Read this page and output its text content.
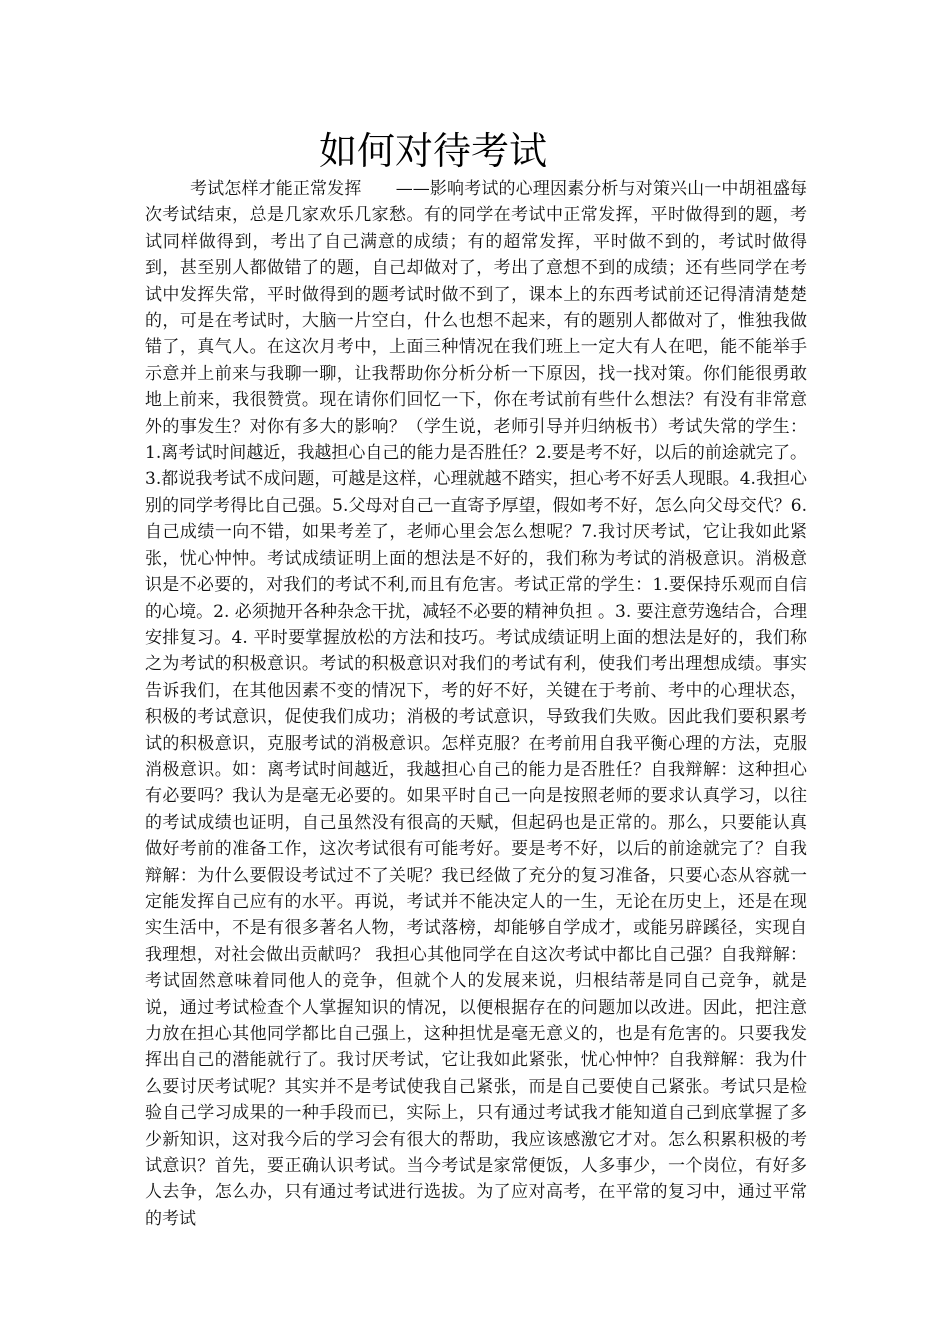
如何对待考试

考试怎样才能正常发挥　　——影响考试的心理因素分析与对策兴山一中胡祖盛每次考试结束，总是几家欢乐几家愁。有的同学在考试中正常发挥，平时做得到的题，考试同样做得到，考出了自己满意的成绩；有的超常发挥，平时做不到的，考试时做得到，甚至别人都做错了的题，自己却做对了，考出了意想不到的成绩；还有些同学在考试中发挥失常，平时做得到的题考试时做不到了，课本上的东西考试前还记得清清楚楚的，可是在考试时，大脑一片空白，什么也想不起来，有的题别人都做对了，惟独我做错了，真气人。在这次月考中，上面三种情况在我们班上一定大有人在吧，能不能举手示意并上前来与我聊一聊，让我帮助你分析分析一下原因，找一找对策。你们能很勇敢地上前来，我很赞赏。现在请你们回忆一下，你在考试前有些什么想法？有没有非常意外的事发生？对你有多大的影响？（学生说，老师引导并归纳板书）考试失常的学生：1.离考试时间越近，我越担心自己的能力是否胜任？2.要是考不好，以后的前途就完了。3.都说我考试不成问题，可越是这样，心理就越不踏实，担心考不好丢人现眼。4.我担心别的同学考得比自己强。5.父母对自己一直寄予厚望，假如考不好，怎么向父母交代？6.自己成绩一向不错，如果考差了，老师心里会怎么想呢？7.我讨厌考试，它让我如此紧张，忧心忡忡。考试成绩证明上面的想法是不好的，我们称为考试的消极意识。消极意识是不必要的，对我们的考试不利,而且有危害。考试正常的学生：1.要保持乐观而自信的心境。2. 必须抛开各种杂念干扰，减轻不必要的精神负担 。3. 要注意劳逸结合，合理安排复习。4. 平时要掌握放松的方法和技巧。考试成绩证明上面的想法是好的，我们称之为考试的积极意识。考试的积极意识对我们的考试有利，使我们考出理想成绩。事实告诉我们，在其他因素不变的情况下，考的好不好，关键在于考前、考中的心理状态，积极的考试意识，促使我们成功；消极的考试意识，导致我们失败。因此我们要积累考试的积极意识，克服考试的消极意识。怎样克服？在考前用自我平衡心理的方法，克服消极意识。如：离考试时间越近，我越担心自己的能力是否胜任？自我辩解：这种担心有必要吗？我认为是毫无必要的。如果平时自己一向是按照老师的要求认真学习，以往的考试成绩也证明，自己虽然没有很高的天赋，但起码也是正常的。那么，只要能认真做好考前的准备工作，这次考试很有可能考好。要是考不好，以后的前途就完了？自我辩解：为什么要假设考试过不了关呢？我已经做了充分的复习准备，只要心态从容就一定能发挥自己应有的水平。再说，考试并不能决定人的一生，无论在历史上，还是在现实生活中，不是有很多著名人物，考试落榜，却能够自学成才，或能另辟蹊径，实现自我理想，对社会做出贡献吗？ 我担心其他同学在自这次考试中都比自己强？自我辩解：考试固然意味着同他人的竞争，但就个人的发展来说，归根结蒂是同自己竞争，就是说，通过考试检查个人掌握知识的情况，以便根据存在的问题加以改进。因此，把注意力放在担心其他同学都比自己强上，这种担忧是毫无意义的，也是有危害的。只要我发挥出自己的潜能就行了。我讨厌考试，它让我如此紧张，忧心忡忡？自我辩解：我为什么要讨厌考试呢？其实并不是考试使我自己紧张，而是自己要使自己紧张。考试只是检验自己学习成果的一种手段而已，实际上，只有通过考试我才能知道自己到底掌握了多少新知识，这对我今后的学习会有很大的帮助，我应该感激它才对。怎么积累积极的考试意识？首先，要正确认识考试。当今考试是家常便饭，人多事少，一个岗位，有好多人去争，怎么办，只有通过考试进行选拔。为了应对高考，在平常的复习中，通过平常的考试
